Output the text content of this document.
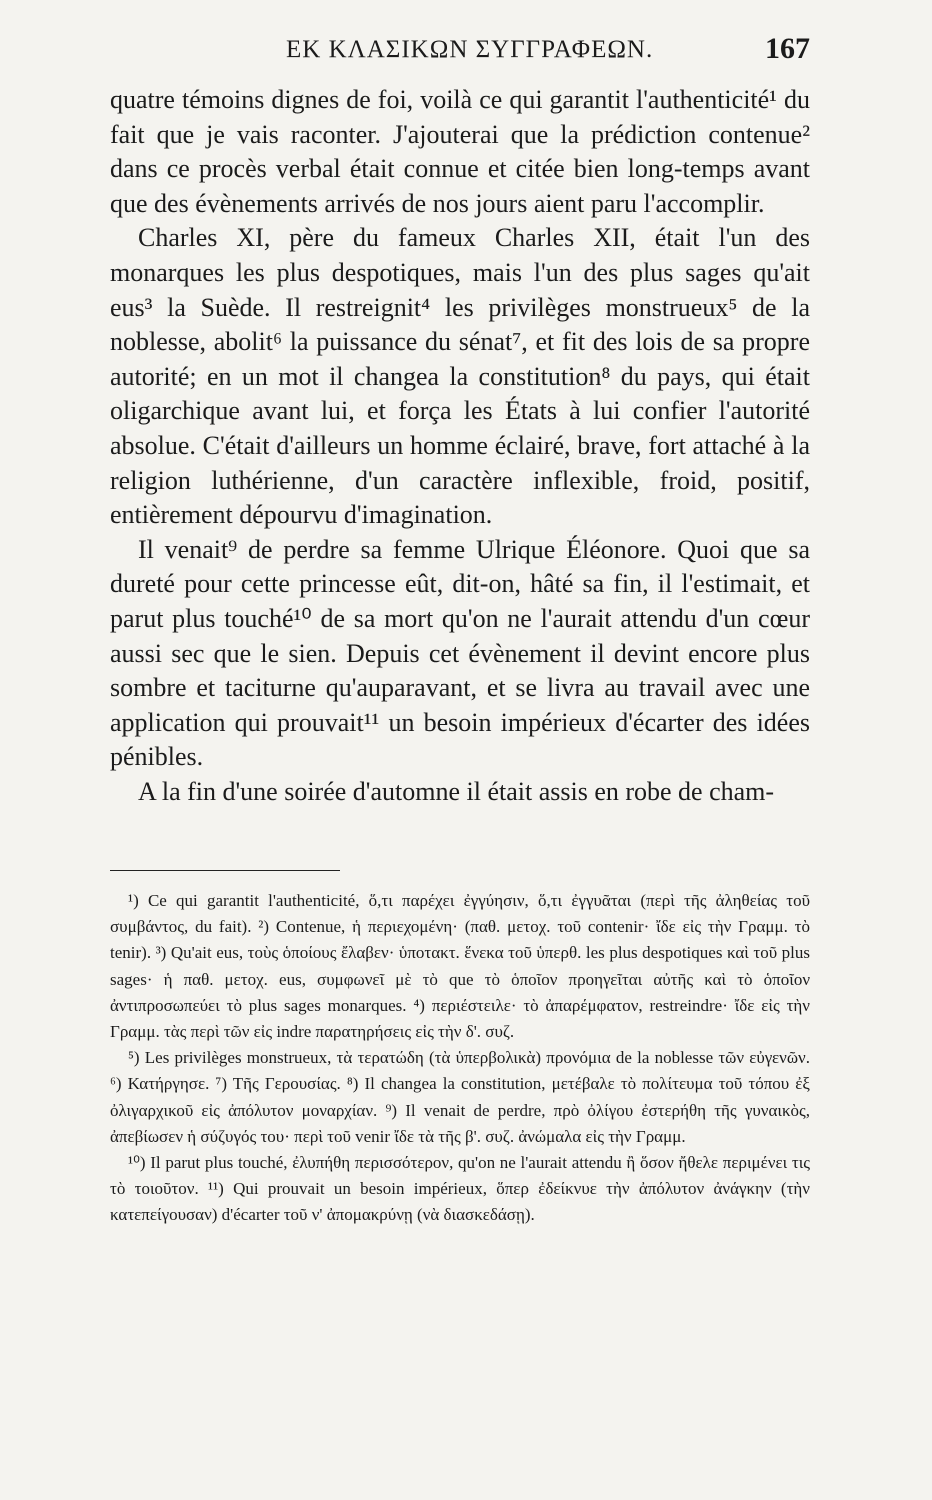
ΕΚ ΚΛΑΣΙΚΩΝ ΣΥΓΓΡΑΦΕΩΝ.	167

quatre témoins dignes de foi, voilà ce qui garantit l'authenticité¹ du fait que je vais raconter. J'ajouterai que la prédiction contenue² dans ce procès verbal était connue et citée bien long-temps avant que des évènements arrivés de nos jours aient paru l'accomplir.

Charles XI, père du fameux Charles XII, était l'un des monarques les plus despotiques, mais l'un des plus sages qu'ait eus³ la Suède. Il restreignit⁴ les privilèges monstrueux⁵ de la noblesse, abolit⁶ la puissance du sénat⁷, et fit des lois de sa propre autorité; en un mot il changea la constitution⁸ du pays, qui était oligarchique avant lui, et força les États à lui confier l'autorité absolue. C'était d'ailleurs un homme éclairé, brave, fort attaché à la religion luthérienne, d'un caractère inflexible, froid, positif, entièrement dépourvu d'imagination.

Il venait⁹ de perdre sa femme Ulrique Éléonore. Quoi que sa dureté pour cette princesse eût, dit-on, hâté sa fin, il l'estimait, et parut plus touché¹⁰ de sa mort qu'on ne l'aurait attendu d'un cœur aussi sec que le sien. Depuis cet évènement il devint encore plus sombre et taciturne qu'auparavant, et se livra au travail avec une application qui prouvait¹¹ un besoin impérieux d'écarter des idées pénibles.

A la fin d'une soirée d'automne il était assis en robe de cham-

¹) Ce qui garantit l'authenticité, ὅ,τι παρέχει ἐγγύησιν, ὅ,τι ἐγγυᾶται (περὶ τῆς ἀληθείας τοῦ συμβάντος, du fait). ²) Contenue, ἡ περιεχομένη· (παθ. μετοχ. τοῦ contenir· ἴδε εἰς τὴν Γραμμ. τὸ tenir). ³) Qu'ait eus, τοὺς ὁποίους ἔλαβεν· ὑποτακτ. ἕνεκα τοῦ ὑπερθ. les plus despotiques καὶ τοῦ plus sages· ἡ παθ. μετοχ. eus, συμφωνεῖ μὲ τὸ que τὸ ὁποῖον προηγεῖται αὐτῆς καὶ τὸ ὁποῖον ἀντιπροσωπεύει τὸ plus sages monarques. ⁴) περιέστειλε· τὸ ἀπαρέμφατον, restreindre· ἴδε εἰς τὴν Γραμμ. τὰς περὶ τῶν εἰς indre παρατηρήσεις εἰς τὴν δ'. συζ.

⁵) Les privilèges monstrueux, τὰ τερατώδη (τὰ ὑπερβολικὰ) προνόμια de la noblesse τῶν εὐγενῶν. ⁶) Κατήργησε. ⁷) Τῆς Γερουσίας. ⁸) Il changea la constitution, μετέβαλε τὸ πολίτευμα τοῦ τόπου ἐξ ὀλιγαρχικοῦ εἰς ἀπόλυτον μοναρχίαν. ⁹) Il venait de perdre, πρὸ ὀλίγου ἐστερήθη τῆς γυναικὸς, ἀπεβίωσεν ἡ σύζυγός του· περὶ τοῦ venir ἴδε τὰ τῆς β'. συζ. ἀνώμαλα εἰς τὴν Γραμμ.

¹⁰) Il parut plus touché, ἐλυπήθη περισσότερον, qu'on ne l'aurait attendu ἢ ὅσον ἤθελε περιμένει τις τὸ τοιοῦτον. ¹¹) Qui prouvait un besoin impérieux, ὅπερ ἐδείκνυε τὴν ἀπόλυτον ἀνάγκην (τὴν κατεπείγουσαν) d'écarter τοῦ ν' ἀπομακρύνῃ (νὰ διασκεδάσῃ).
